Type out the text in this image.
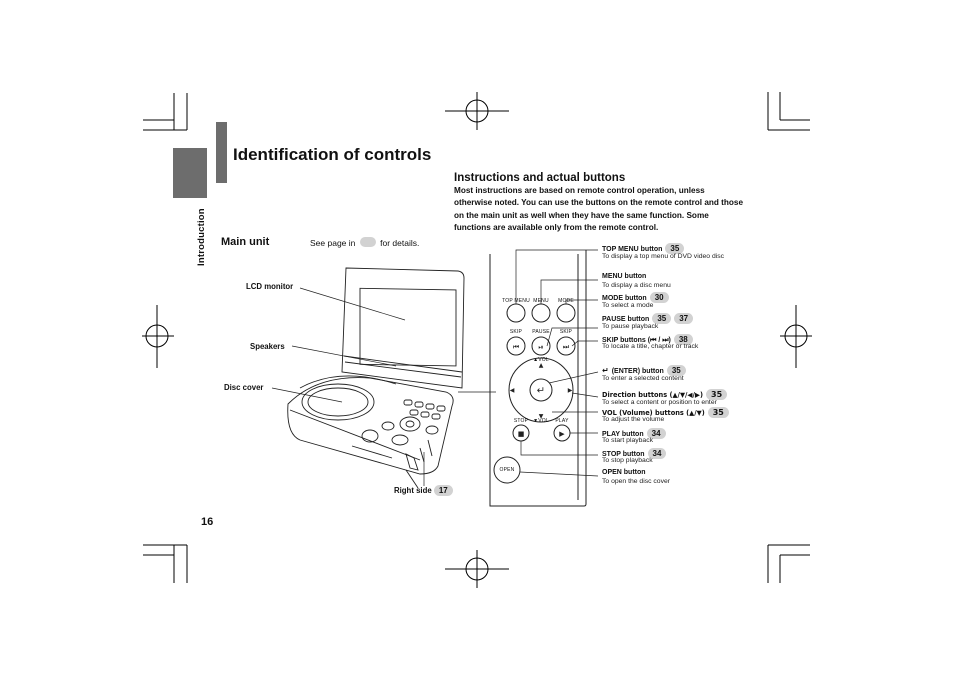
Introduction
Identification of controls
Instructions and actual buttons
Most instructions are based on remote control operation, unless otherwise noted. You can use the buttons on the remote control and those on the main unit as well when they have the same function. Some functions are available only from the remote control.
Main unit	See page in	for details.
⏮	⏯	⏭
↵
▲
▼
◀	▶
■	▶
TOP MENU MENU	MODE
SKIP	PAUSE	SKIP
▲VOL
STOP ▼VOL	PLAY
OPEN
LCD monitor
Speakers
Disc cover
Right side 17
TOP MENU button 35
To display a top menu of DVD video disc
MENU button
To display a disc menu
MODE button 30
To select a mode
PAUSE button 35 37
To pause playback
SKIP buttons (⏮ / ⏭) 38
To locate a title, chapter or track
↵ (ENTER) button 35
To enter a selected content
Direction buttons (▲/▼/◀/▶) 35
To select a content or position to enter
VOL (Volume) buttons (▲/▼) 35
To adjust the volume
PLAY button 34
To start playback
STOP button 34
To stop playback
OPEN button
To open the disc cover
16
